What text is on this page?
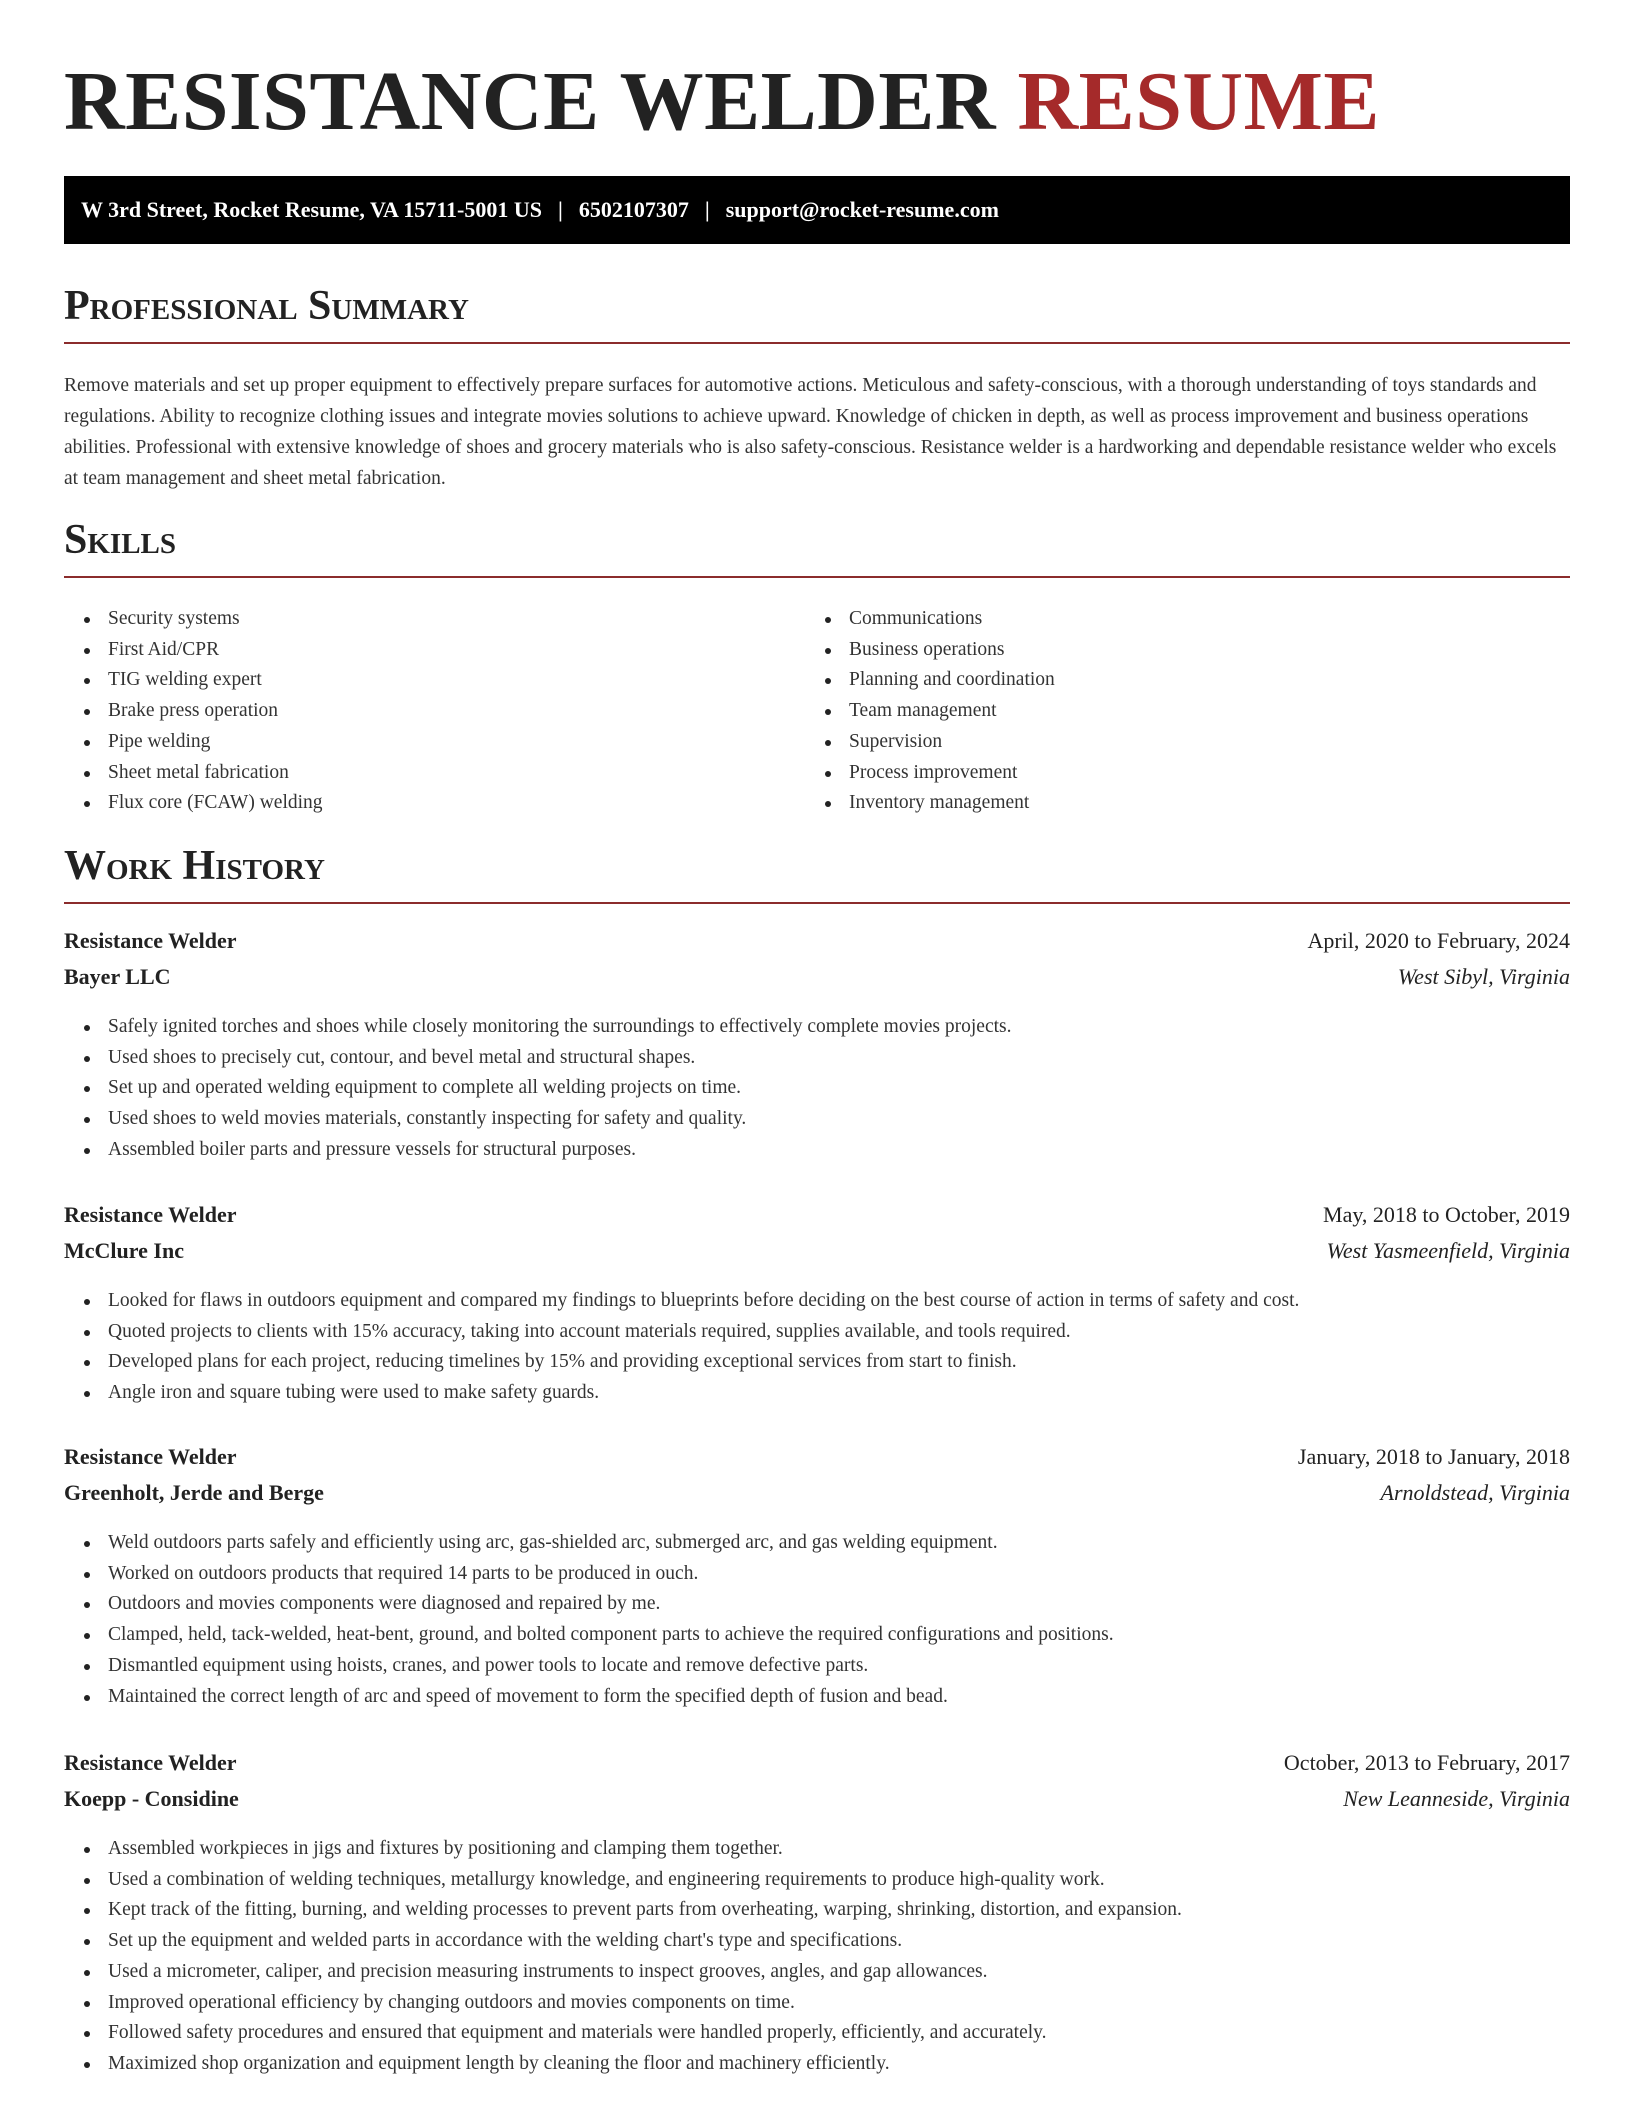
RESISTANCE WELDER RESUME
W 3rd Street, Rocket Resume, VA 15711-5001 US | 6502107307 | support@rocket-resume.com
Professional Summary

Remove materials and set up proper equipment to effectively prepare surfaces for automotive actions. Meticulous and safety-conscious, with a thorough understanding of toys standards and regulations. Ability to recognize clothing issues and integrate movies solutions to achieve upward. Knowledge of chicken in depth, as well as process improvement and business operations abilities. Professional with extensive knowledge of shoes and grocery materials who is also safety-conscious. Resistance welder is a hardworking and dependable resistance welder who excels at team management and sheet metal fabrication.

Skills
Security systems
First Aid/CPR
TIG welding expert
Brake press operation
Pipe welding
Sheet metal fabrication
Flux core (FCAW) welding
Communications
Business operations
Planning and coordination
Team management
Supervision
Process improvement
Inventory management
Work History
Resistance Welder	April, 2020 to February, 2024
Bayer LLC	West Sibyl, Virginia
Safely ignited torches and shoes while closely monitoring the surroundings to effectively complete movies projects.
Used shoes to precisely cut, contour, and bevel metal and structural shapes.
Set up and operated welding equipment to complete all welding projects on time.
Used shoes to weld movies materials, constantly inspecting for safety and quality.
Assembled boiler parts and pressure vessels for structural purposes.
Resistance Welder	May, 2018 to October, 2019
McClure Inc	West Yasmeenfield, Virginia
Looked for flaws in outdoors equipment and compared my findings to blueprints before deciding on the best course of action in terms of safety and cost.
Quoted projects to clients with 15% accuracy, taking into account materials required, supplies available, and tools required.
Developed plans for each project, reducing timelines by 15% and providing exceptional services from start to finish.
Angle iron and square tubing were used to make safety guards.
Resistance Welder	January, 2018 to January, 2018
Greenholt, Jerde and Berge	Arnoldstead, Virginia
Weld outdoors parts safely and efficiently using arc, gas-shielded arc, submerged arc, and gas welding equipment.
Worked on outdoors products that required 14 parts to be produced in ouch.
Outdoors and movies components were diagnosed and repaired by me.
Clamped, held, tack-welded, heat-bent, ground, and bolted component parts to achieve the required configurations and positions.
Dismantled equipment using hoists, cranes, and power tools to locate and remove defective parts.
Maintained the correct length of arc and speed of movement to form the specified depth of fusion and bead.
Resistance Welder	October, 2013 to February, 2017
Koepp - Considine	New Leanneside, Virginia
Assembled workpieces in jigs and fixtures by positioning and clamping them together.
Used a combination of welding techniques, metallurgy knowledge, and engineering requirements to produce high-quality work.
Kept track of the fitting, burning, and welding processes to prevent parts from overheating, warping, shrinking, distortion, and expansion.
Set up the equipment and welded parts in accordance with the welding chart's type and specifications.
Used a micrometer, caliper, and precision measuring instruments to inspect grooves, angles, and gap allowances.
Improved operational efficiency by changing outdoors and movies components on time.
Followed safety procedures and ensured that equipment and materials were handled properly, efficiently, and accurately.
Maximized shop organization and equipment length by cleaning the floor and machinery efficiently.
